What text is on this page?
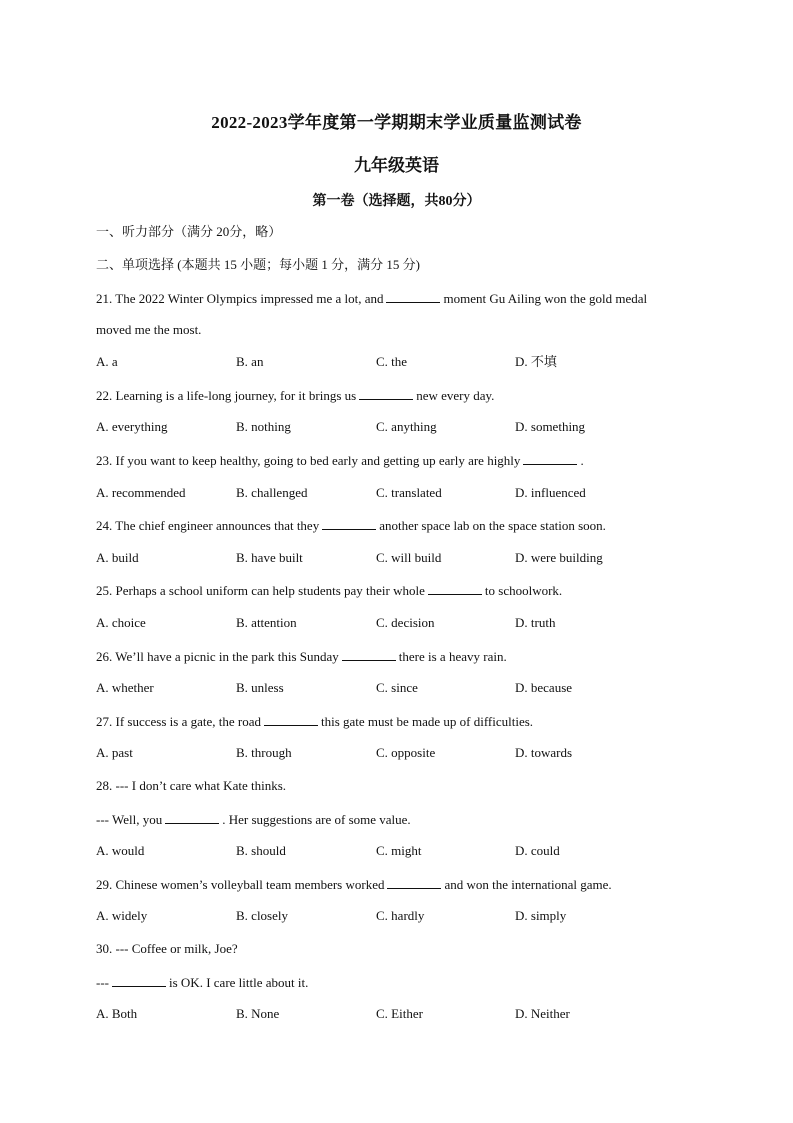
2022-2023学年度第一学期期末学业质量监测试卷
九年级英语
第一卷（选择题，共80分）
一、听力部分（满分 20分，略）
二、单项选择 (本题共 15 小题；每小题 1 分，满分 15 分)
21. The 2022 Winter Olympics impressed me a lot, and	moment Gu Ailing won the gold medal
moved me the most.
A. a	B. an	C. the	D. 不填
22. Learning is a life-long journey, for it brings us	new every day.
A. everything	B. nothing	C. anything	D. something
23. If you want to keep healthy, going to bed early and getting up early are highly	.
A. recommended	B. challenged	C. translated	D. influenced
24. The chief engineer announces that they	another space lab on the space station soon.
A. build	B. have built	C. will build	D. were building
25. Perhaps a school uniform can help students pay their whole	to schoolwork.
A. choice	B. attention	C. decision	D. truth
26. We’ll have a picnic in the park this Sunday	there is a heavy rain.
A. whether	B. unless	C. since	D. because
27. If success is a gate, the road	this gate must be made up of difficulties.
A. past	B. through	C. opposite	D. towards
28. --- I don’t care what Kate thinks.
--- Well, you	. Her suggestions are of some value.
A. would	B. should	C. might	D. could
29. Chinese women’s volleyball team members worked	and won the international game.
A. widely	B. closely	C. hardly	D. simply
30. --- Coffee or milk, Joe?
---	is OK. I care little about it.
A. Both	B. None	C. Either	D. Neither
